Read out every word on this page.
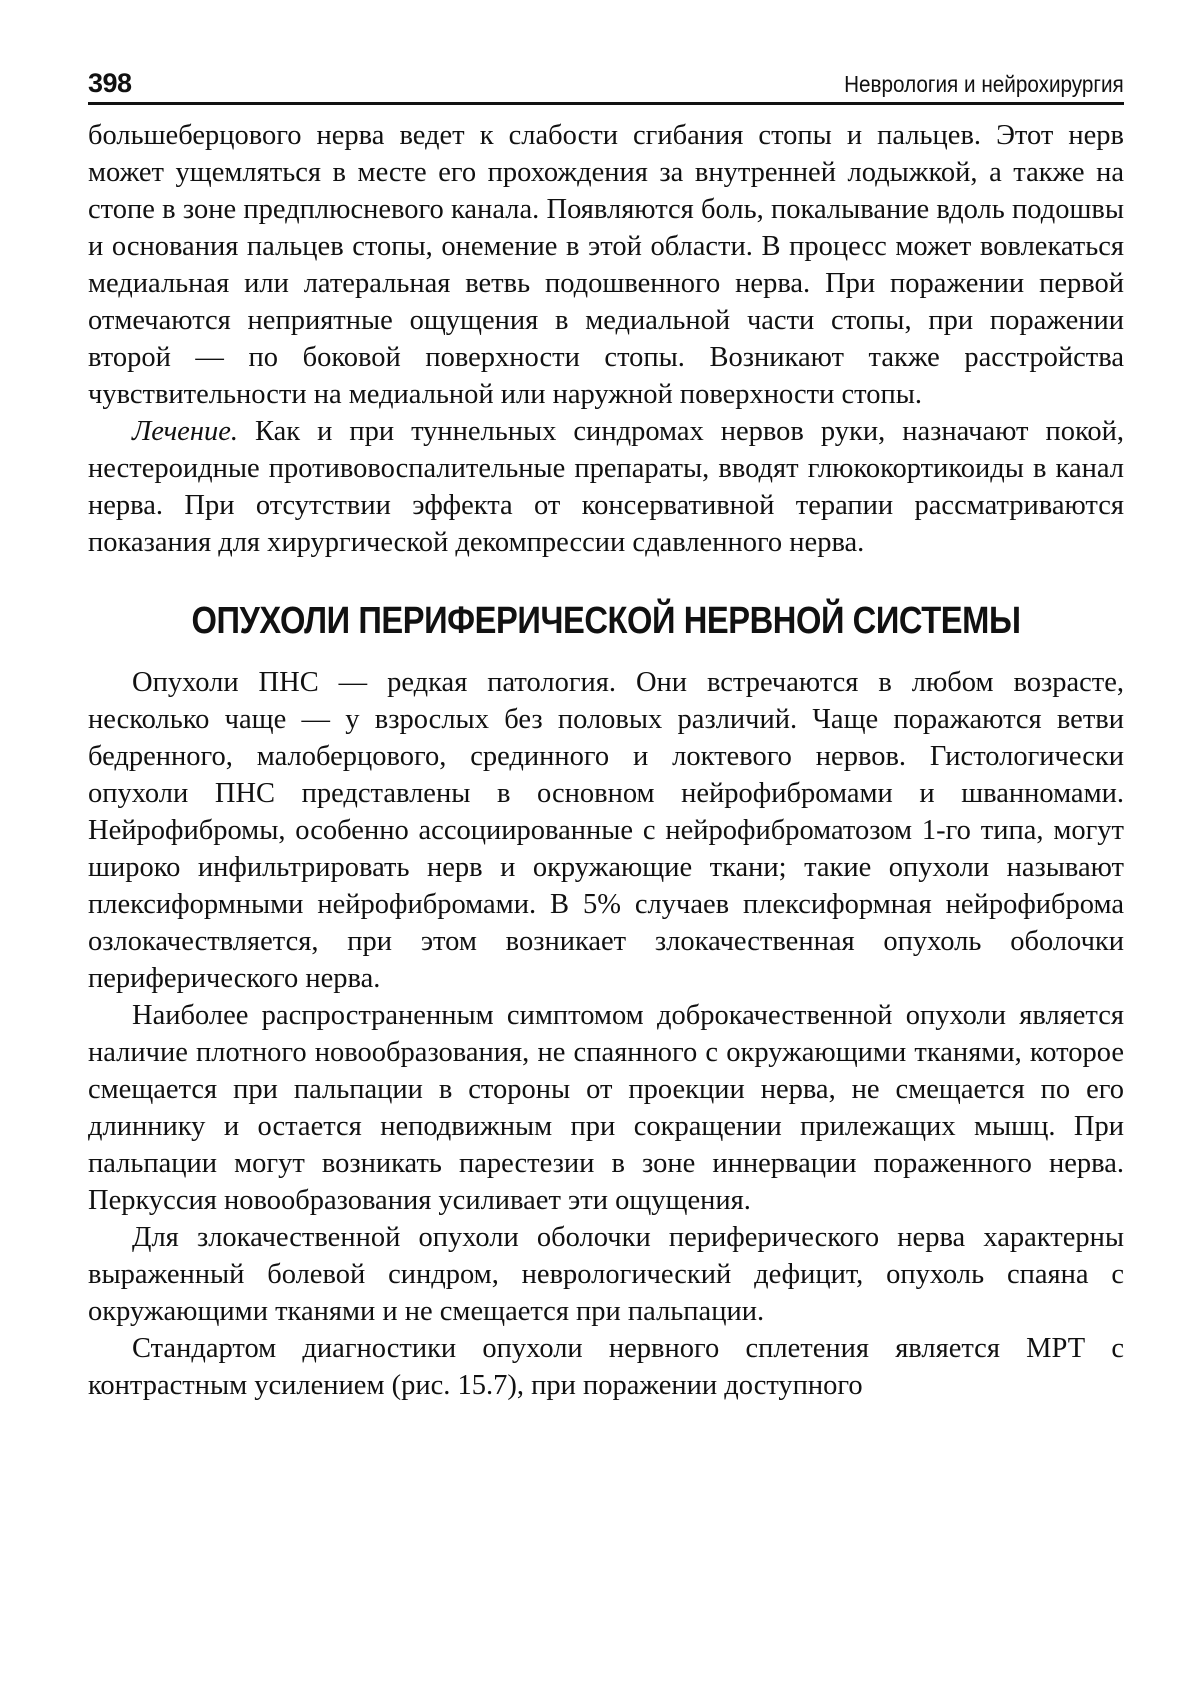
398	Неврология и нейрохирургия

большеберцового нерва ведет к слабости сгибания стопы и пальцев. Этот нерв может ущемляться в месте его прохождения за внутренней лодыжкой, а также на стопе в зоне предплюсневого канала. Появляются боль, покалывание вдоль подошвы и основания пальцев стопы, онемение в этой области. В процесс может вовлекаться медиальная или латеральная ветвь подошвенного нерва. При поражении первой отмечаются неприятные ощущения в медиальной части стопы, при поражении второй — по боковой поверхности стопы. Возникают также расстройства чувствительности на медиальной или наружной поверхности стопы.

Лечение. Как и при туннельных синдромах нервов руки, назначают покой, нестероидные противовоспалительные препараты, вводят глюкокортикоиды в канал нерва. При отсутствии эффекта от консервативной терапии рассматриваются показания для хирургической декомпрессии сдавленного нерва.

ОПУХОЛИ ПЕРИФЕРИЧЕСКОЙ НЕРВНОЙ СИСТЕМЫ

Опухоли ПНС — редкая патология. Они встречаются в любом возрасте, несколько чаще — у взрослых без половых различий. Чаще поражаются ветви бедренного, малоберцового, срединного и локтевого нервов. Гистологически опухоли ПНС представлены в основном нейрофибромами и шванномами. Нейрофибромы, особенно ассоциированные с нейрофиброматозом 1-го типа, могут широко инфильтрировать нерв и окружающие ткани; такие опухоли называют плексиформными нейрофибромами. В 5% случаев плексиформная нейрофиброма озлокачествляется, при этом возникает злокачественная опухоль оболочки периферического нерва.

Наиболее распространенным симптомом доброкачественной опухоли является наличие плотного новообразования, не спаянного с окружающими тканями, которое смещается при пальпации в стороны от проекции нерва, не смещается по его длиннику и остается неподвижным при сокращении прилежащих мышц. При пальпации могут возникать парестезии в зоне иннервации пораженного нерва. Перкуссия новообразования усиливает эти ощущения.

Для злокачественной опухоли оболочки периферического нерва характерны выраженный болевой синдром, неврологический дефицит, опухоль спаяна с окружающими тканями и не смещается при пальпации.

Стандартом диагностики опухоли нервного сплетения является МРТ с контрастным усилением (рис. 15.7), при поражении доступного
